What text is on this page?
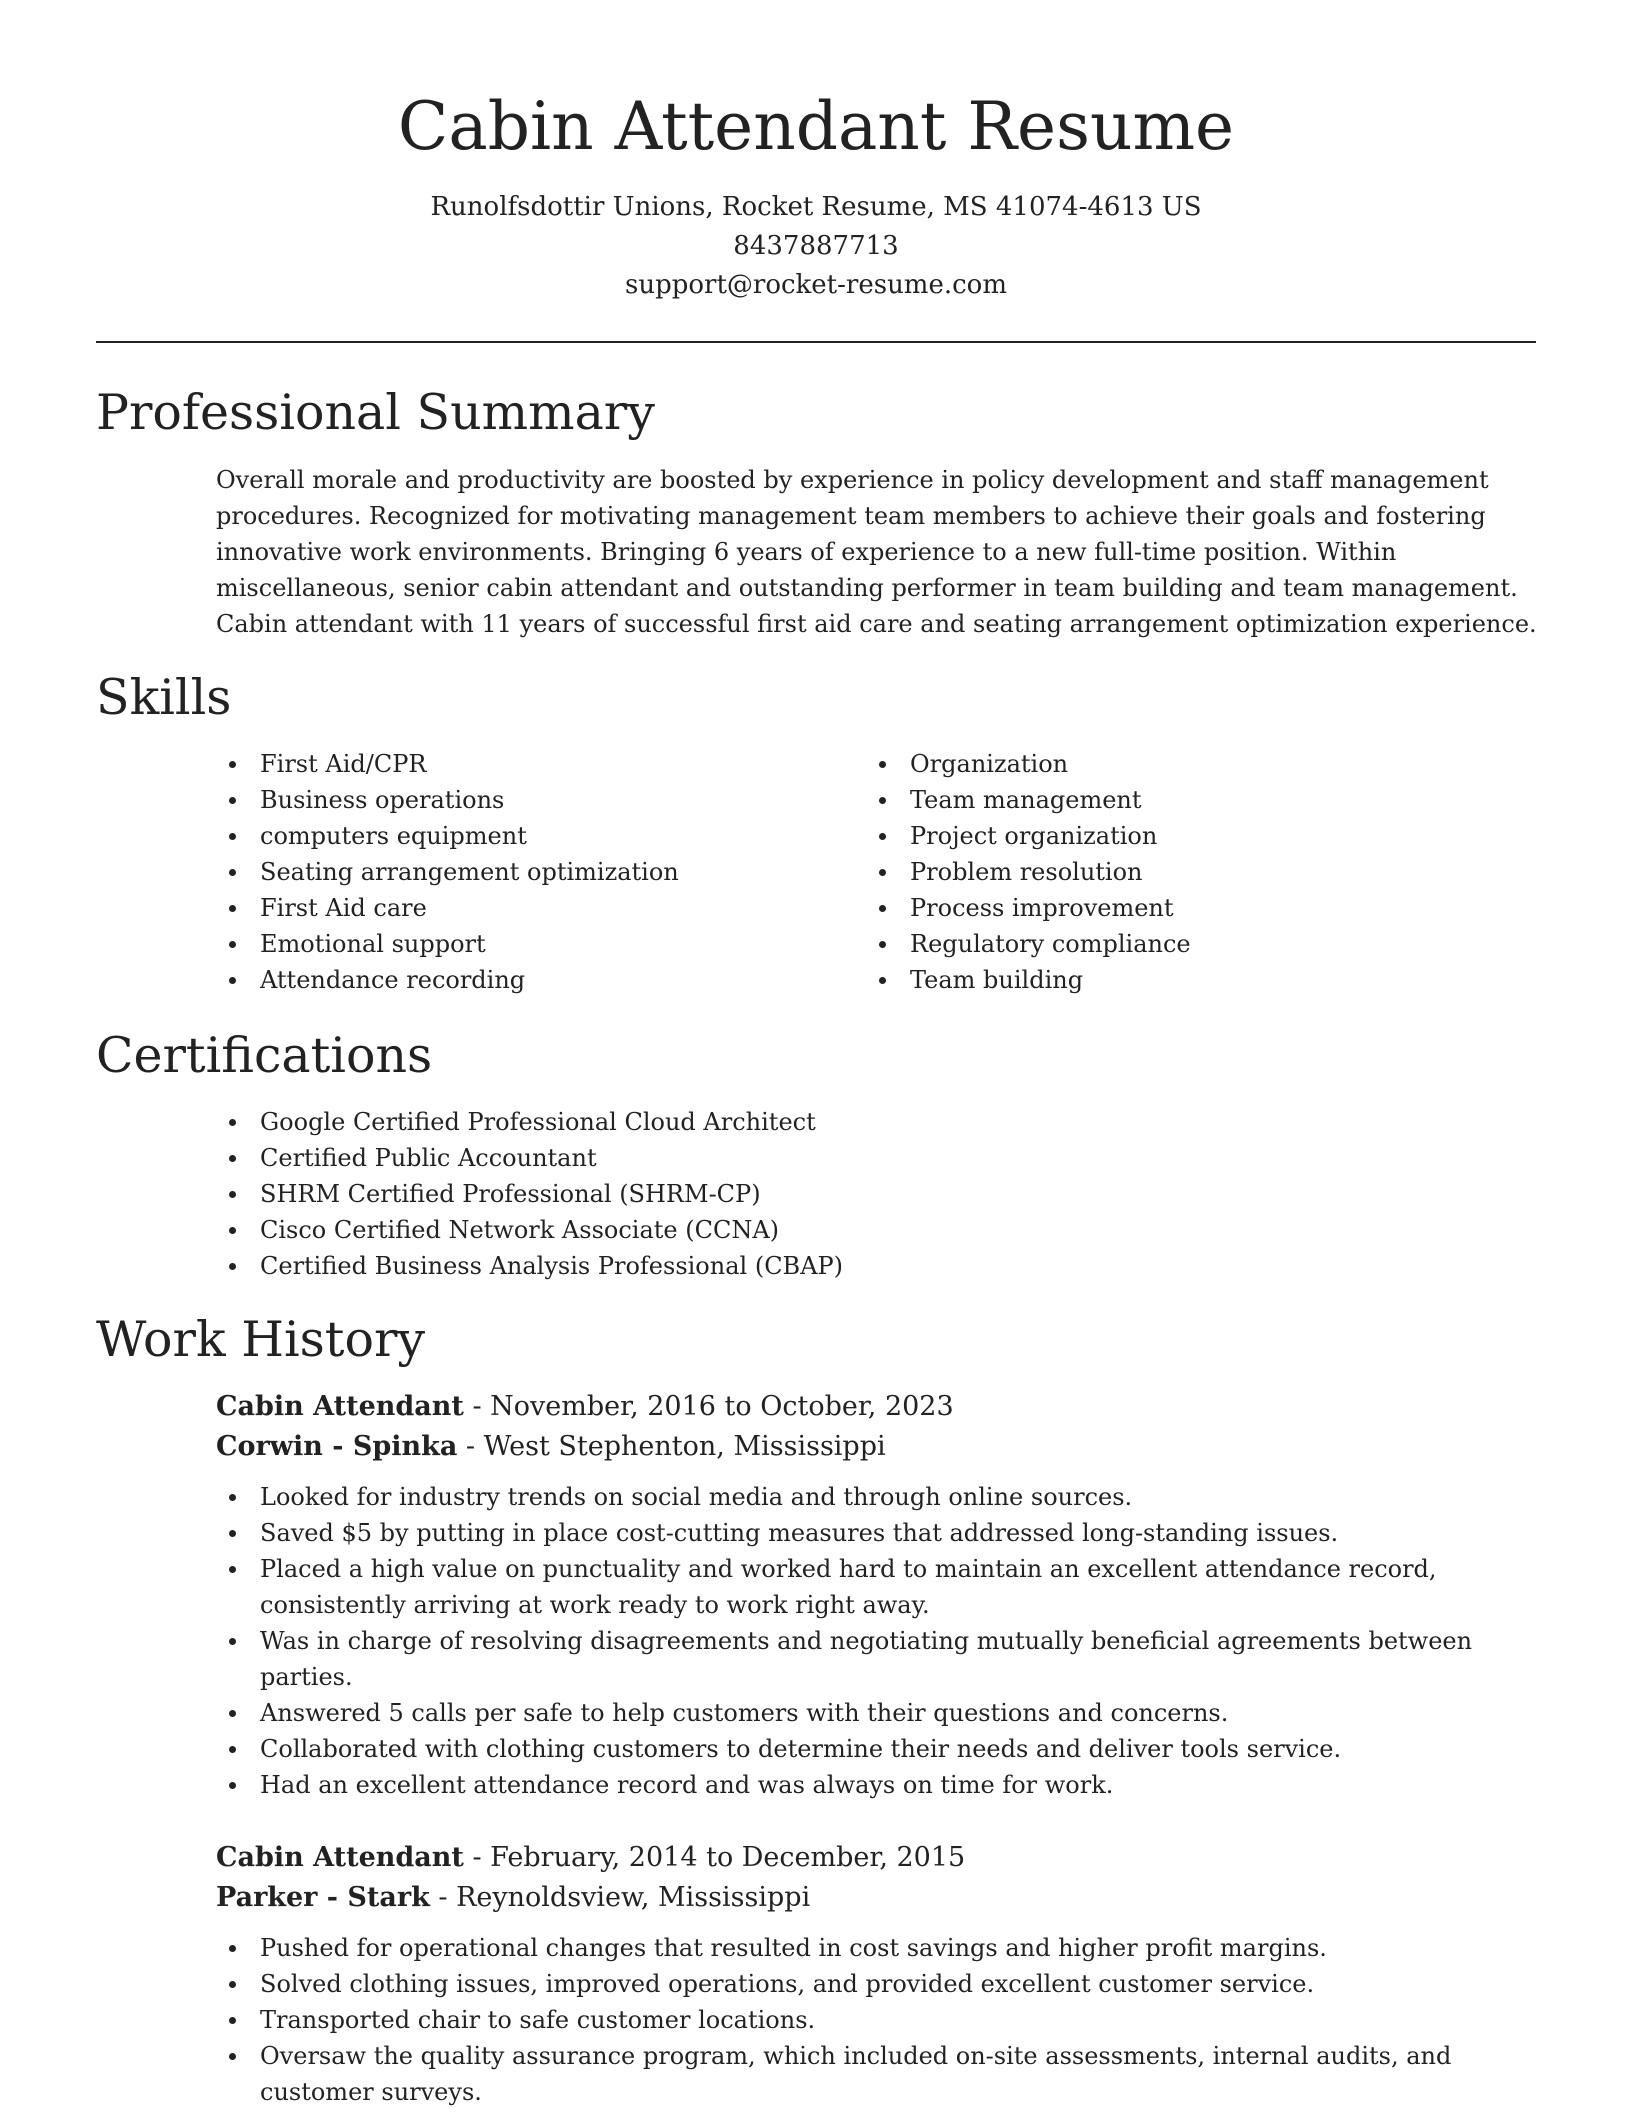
Cabin Attendant Resume
Runolfsdottir Unions, Rocket Resume, MS 41074-4613 US
8437887713
support@rocket-resume.com
Professional Summary

Overall morale and productivity are boosted by experience in policy development and staff management

procedures. Recognized for motivating management team members to achieve their goals and fostering

innovative work environments. Bringing 6 years of experience to a new full-time position. Within

miscellaneous, senior cabin attendant and outstanding performer in team building and team management.

Cabin attendant with 11 years of successful first aid care and seating arrangement optimization experience.

Skills
First Aid/CPR
Business operations
computers equipment
Seating arrangement optimization
First Aid care
Emotional support
Attendance recording
Organization
Team management
Project organization
Problem resolution
Process improvement
Regulatory compliance
Team building
Certifications
Google Certified Professional Cloud Architect
Certified Public Accountant
SHRM Certified Professional (SHRM-CP)
Cisco Certified Network Associate (CCNA)
Certified Business Analysis Professional (CBAP)
Work History
Cabin Attendant - November, 2016 to October, 2023
Corwin - Spinka - West Stephenton, Mississippi
Looked for industry trends on social media and through online sources.
Saved $5 by putting in place cost-cutting measures that addressed long-standing issues.
Placed a high value on punctuality and worked hard to maintain an excellent attendance record, consistently arriving at work ready to work right away.
Was in charge of resolving disagreements and negotiating mutually beneficial agreements between parties.
Answered 5 calls per safe to help customers with their questions and concerns.
Collaborated with clothing customers to determine their needs and deliver tools service.
Had an excellent attendance record and was always on time for work.
Cabin Attendant - February, 2014 to December, 2015
Parker - Stark - Reynoldsview, Mississippi
Pushed for operational changes that resulted in cost savings and higher profit margins.
Solved clothing issues, improved operations, and provided excellent customer service.
Transported chair to safe customer locations.
Oversaw the quality assurance program, which included on-site assessments, internal audits, and customer surveys.
